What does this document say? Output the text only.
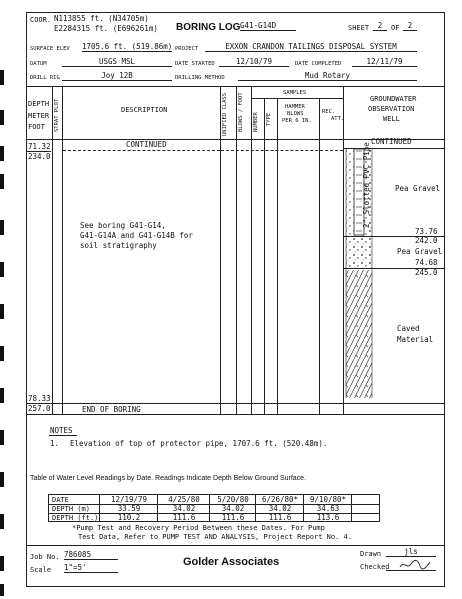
COOR. N113855 ft. (N34705m)
E2284315 ft. (E696261m) BORING LOG G41-G14D	SHEET	2	OF	2
SURFACE ELEV 1705.6 ft. (519.86m) PROJECT	EXXON CRANDON TAILINGS DISPOSAL SYSTEM
DATUM	USGS MSL	DATE STARTED	12/10/79	DATE COMPLETED	12/11/79
DRILL RIG	Joy 12B	DRILLING METHOD	Mud Rotary
DEPTH
METER
FOOT STRAT PLOT	DESCRIPTION	UNIFIED CLASS BLOWS / FOOT	SAMPLES
NUMBER TYPE
HAMMER
BLOWS
PER 6 IN.
REC.
ATT.
GROUNDWATER
OBSERVATION
WELL
71.32
234.0
CONTINUED	CONTINUED
See boring G41-G14,
G41-G14A and G41-G14B for
soil stratigraphy
2" Slotted PVC Pipe	Pea Gravel
73.76
242.0
Pea Gravel
74.68
245.0
Caved
Material
78.33
257.0	END OF BORING
NOTES
1. Elevation of top of protector pipe, 1707.6 ft. (520.48m).
Table of Water Level Readings by Date. Readings Indicate Depth Below Ground Surface.
DATE	12/19/79	4/25/80	5/20/80	6/26/80*	9/10/80*
DEPTH (m)	33.59	34.02	34.02	34.02	34.63
DEPTH (ft.)	110.2	111.6	111.6	111.6	113.6
*Pump Test and Recovery Period Between these Dates. For Pump
Test Data, Refer to PUMP TEST AND ANALYSIS, Project Report No. 4.
Job No. 786085
Scale 1"=5'	Golder Associates
Drawn	jls
Checked
